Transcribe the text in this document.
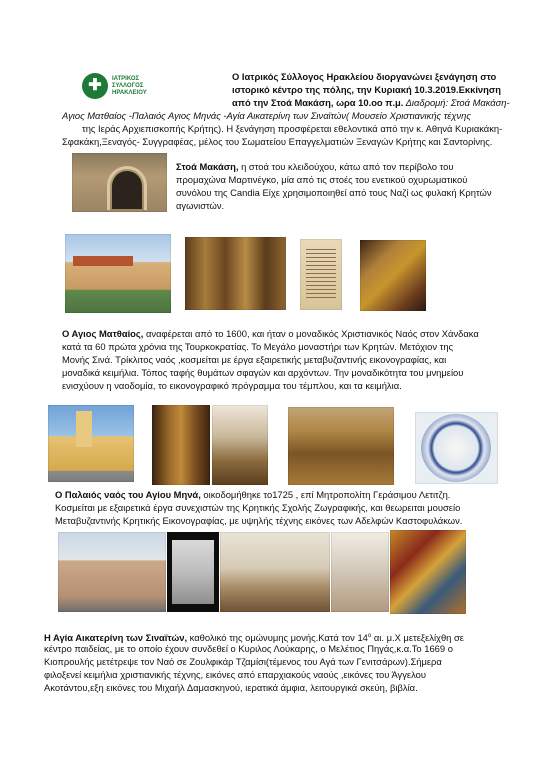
✚ ΙΑΤΡΙΚΟΣ
ΣΥΛΛΟΓΟΣ
ΗΡΑΚΛΕΙΟΥ
Ο Ιατρικός Σύλλογος Ηρακλείου διοργανώνει ξενάγηση στο
ιστορικό κέντρο της πόλης, την Κυριακή 10.3.2019.Εκκίνηση
από την Στοά Μακάση, ωρα 10.οο π.μ. Διαδρομή: Στοά Μακάση-
Αγιος Ματθαίος -Παλαιός Αγιος Μηνάς -Αγία Αικατερίνη των Σιναϊτών( Μουσείο Χριστιανικής τέχνης
της Ιεράς Αρχιεπισκοπής Κρήτης). Η ξενάγηση προσφέρεται εθελοντικά από την κ. Αθηνά Κυριακάκη-
Σφακάκη,Ξεναγός- Συγγραφέας, μέλος του Σωματείου Επαγγελματιών Ξεναγών Κρήτης και Σαντορίνης.
Στοά Μακάση, η στοά του κλειδούχου, κάτω από τον περίβολο του
προμαχώνα Μαρτινέγκο, μία από τις στοές του ενετικού οχυρωματικού
συνόλου της Candia Eίχε χρησιμοποιηθεί από τους Ναζί ως φυλακή Κρητών
αγωνιστών.
Ο Αγιος Ματθαίος, αναφέρεται από το 1600, και ήταν ο μοναδικός Χριστιανικός Ναός στον Χάνδακα
κατά τα 60 πρώτα χρόνια της Τουρκοκρατίας. Το Μεγάλο μοναστήρι των Κρητών. Μετόχιον της
Μονής Σινά. Τρίκλιτος ναός ,κοσμείται με έργα εξαιρετικής μεταβυζαντινής εικονογραφίας, και
μοναδικά κειμήλια. Τόπος ταφής θυμάτων σφαγών και αρχόντων. Την μοναδικότητα του μνημείου
ενισχύουν η ναοδομία, το εικονογραφικό πρόγραμμα του τέμπλου, και τα κειμήλια.
Ο Παλαιός ναός του Αγίου Μηνά, οικοδομήθηκε το1725 , επί Μητροπολίτη Γεράσιμου Λετιτζη.
Κοσμείται με εξαιρετικά έργα συνεχιστών της Κρητικής Σχολής Ζωγραφικής, και θεωρειται μουσείο
Μεταβυζαντινής Κρητικής Εικονογραφίας, με υψηλής τέχνης εικόνες των Αδελφών Καστοφυλάκων.
Η Αγία Αικατερίνη των Σιναϊτών, καθολικό της ομώνυμης μονής.Κατά τον $14^o$ αι. μ.Χ μετεξελίχθη σε
κέντρο παιδείας, με το οποίο έχουν συνδεθεί ο Κυριλος Λούκαρης, ο Μελέτιος Πηγάς,κ.α.Το 1669 ο
Κιοπρουλής μετέτρεψε τον Ναό σε Ζουλφικάρ Τζαμίσι(τέμενος του Αγά των Γενιτσάρων).Σήμερα
φιλοξενεί κειμήλια χριστιανικής τέχνης, εικόνες από επαρχιακούς ναούς ,εικόνες του Άγγελου
Ακοτάντου,εξη εικόνες του Μιχαήλ Δαμασκηνού, ιερατικά άμφια, λειτουργικά σκεύη, βιβλία.
